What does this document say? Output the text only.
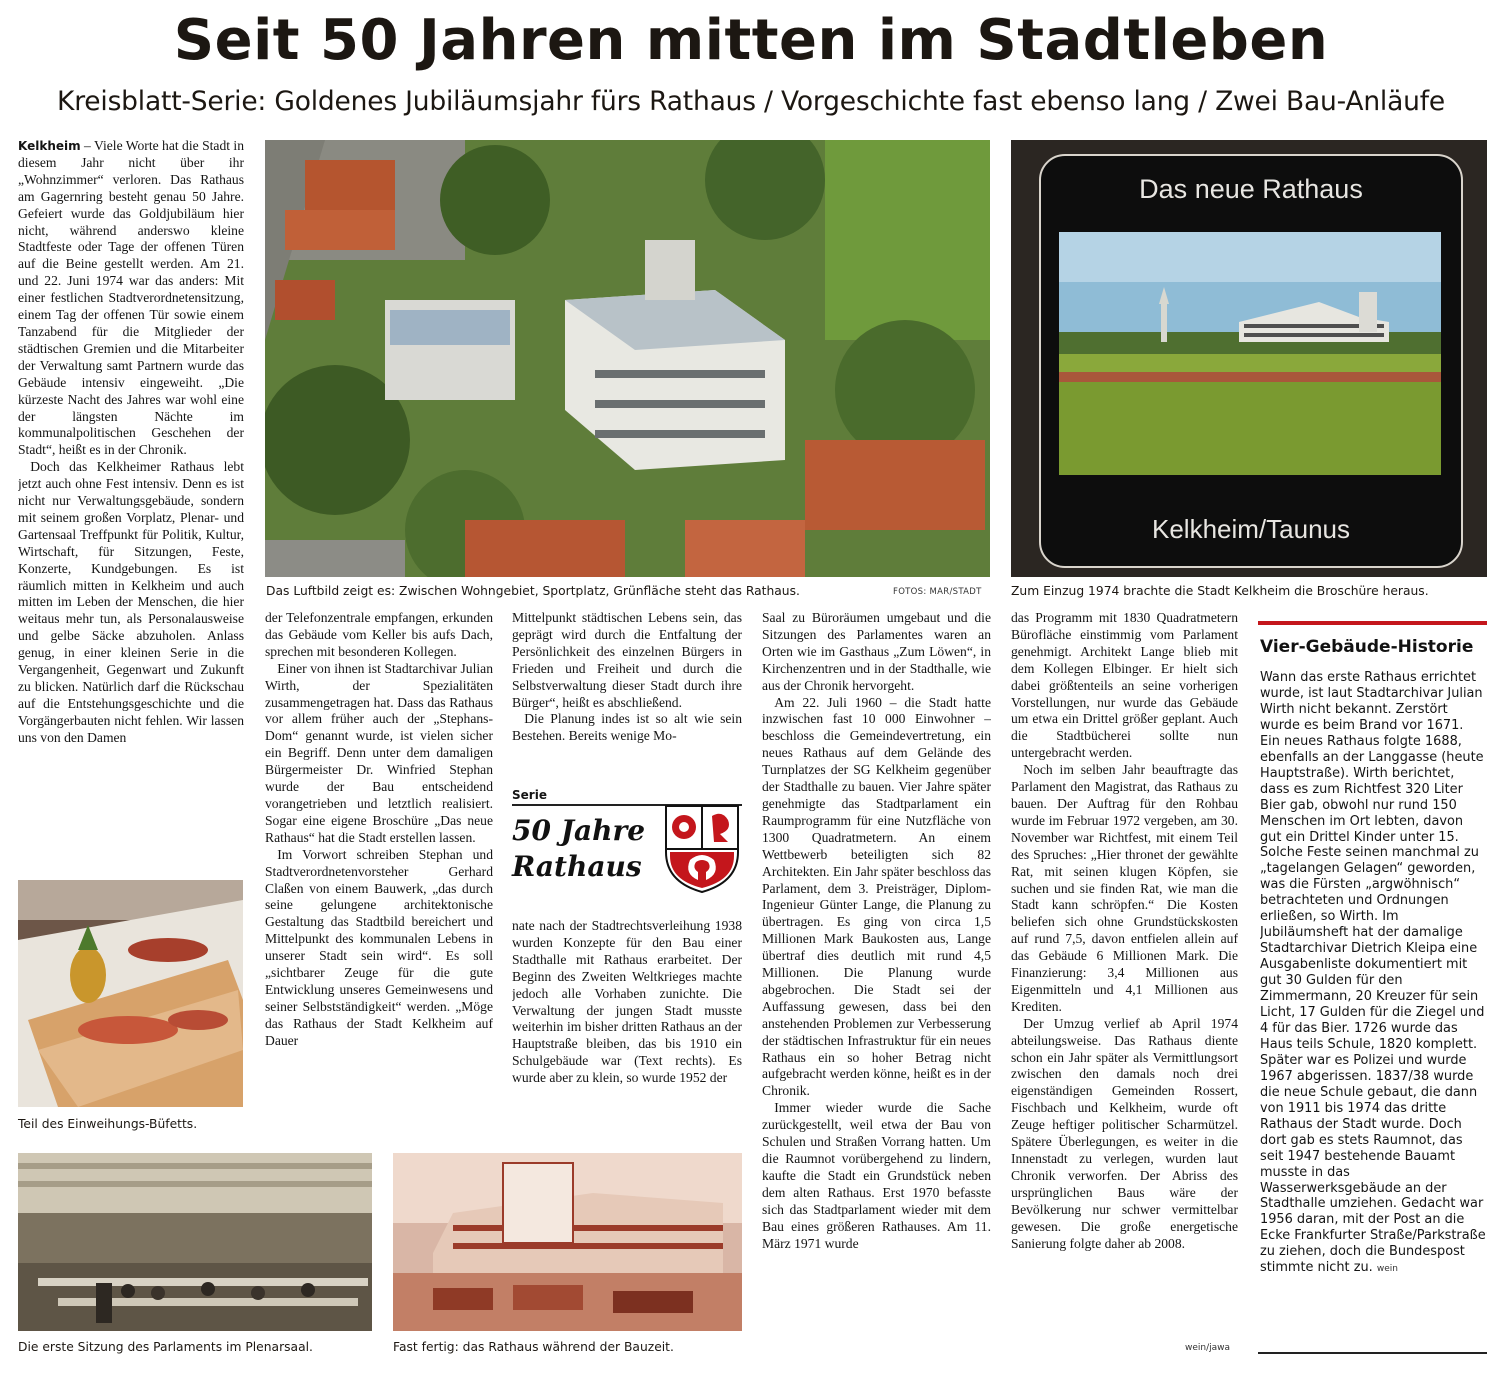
Seit 50 Jahren mitten im Stadtleben
Kreisblatt-Serie: Goldenes Jubiläumsjahr fürs Rathaus / Vorgeschichte fast ebenso lang / Zwei Bau-Anläufe

Kelkheim – Viele Worte hat die Stadt in diesem Jahr nicht über ihr „Wohnzimmer“ verloren. Das Rathaus am Gagernring besteht genau 50 Jahre. Gefeiert wurde das Goldjubiläum hier nicht, während anderswo kleine Stadtfeste oder Tage der offenen Türen auf die Beine gestellt werden. Am 21. und 22. Juni 1974 war das anders: Mit einer festlichen Stadtverordnetensitzung, einem Tag der offenen Tür sowie einem Tanzabend für die Mitglieder der städtischen Gremien und die Mitarbeiter der Verwaltung samt Partnern wurde das Gebäude intensiv eingeweiht. „Die kürzeste Nacht des Jahres war wohl eine der längsten Nächte im kommunalpolitischen Geschehen der Stadt“, heißt es in der Chronik.

Doch das Kelkheimer Rathaus lebt jetzt auch ohne Fest intensiv. Denn es ist nicht nur Verwaltungsgebäude, sondern mit seinem großen Vorplatz, Plenar- und Gartensaal Treffpunkt für Politik, Kultur, Wirtschaft, für Sitzungen, Feste, Konzerte, Kundgebungen. Es ist räumlich mitten in Kelkheim und auch mitten im Leben der Menschen, die hier weitaus mehr tun, als Personalausweise und gelbe Säcke abzuholen. Anlass genug, in einer kleinen Serie in die Vergangenheit, Gegenwart und Zukunft zu blicken. Natürlich darf die Rückschau auf die Entstehungsgeschichte und die Vorgängerbauten nicht fehlen. Wir lassen uns von den Damen

Das Luftbild zeigt es: Zwischen Wohngebiet, Sportplatz, Grünfläche steht das Rathaus.	FOTOS: MAR/STADT
Das neue Rathaus
Kelkheim/Taunus
Zum Einzug 1974 brachte die Stadt Kelkheim die Broschüre heraus.

der Telefonzentrale empfangen, erkunden das Gebäude vom Keller bis aufs Dach, sprechen mit besonderen Kollegen.

Einer von ihnen ist Stadtarchivar Julian Wirth, der Spezialitäten zusammengetragen hat. Dass das Rathaus vor allem früher auch der „Stephans-Dom“ genannt wurde, ist vielen sicher ein Begriff. Denn unter dem damaligen Bürgermeister Dr. Winfried Stephan wurde der Bau entscheidend vorangetrieben und letztlich realisiert. Sogar eine eigene Broschüre „Das neue Rathaus“ hat die Stadt erstellen lassen.

Im Vorwort schreiben Stephan und Stadtverordnetenvorsteher Gerhard Claßen von einem Bauwerk, „das durch seine gelungene architektonische Gestaltung das Stadtbild bereichert und Mittelpunkt des kommunalen Lebens in unserer Stadt sein wird“. Es soll „sichtbarer Zeuge für die gute Entwicklung unseres Gemeinwesens und seiner Selbstständigkeit“ werden. „Möge das Rathaus der Stadt Kelkheim auf Dauer

Mittelpunkt städtischen Lebens sein, das geprägt wird durch die Entfaltung der Persönlichkeit des einzelnen Bürgers in Frieden und Freiheit und durch die Selbstverwaltung dieser Stadt durch ihre Bürger“, heißt es abschließend.

Die Planung indes ist so alt wie sein Bestehen. Bereits wenige Mo-

Serie
50 Jahre
Rathaus

nate nach der Stadtrechtsverleihung 1938 wurden Konzepte für den Bau einer Stadthalle mit Rathaus erarbeitet. Der Beginn des Zweiten Weltkrieges machte jedoch alle Vorhaben zunichte. Die Verwaltung der jungen Stadt musste weiterhin im bisher dritten Rathaus an der Hauptstraße bleiben, das bis 1910 ein Schulgebäude war (Text rechts). Es wurde aber zu klein, so wurde 1952 der

Saal zu Büroräumen umgebaut und die Sitzungen des Parlamentes waren an Orten wie im Gasthaus „Zum Löwen“, in Kirchenzentren und in der Stadthalle, wie aus der Chronik hervorgeht.

Am 22. Juli 1960 – die Stadt hatte inzwischen fast 10 000 Einwohner – beschloss die Gemeindevertretung, ein neues Rathaus auf dem Gelände des Turnplatzes der SG Kelkheim gegenüber der Stadthalle zu bauen. Vier Jahre später genehmigte das Stadtparlament ein Raumprogramm für eine Nutzfläche von 1300 Quadratmetern. An einem Wettbewerb beteiligten sich 82 Architekten. Ein Jahr später beschloss das Parlament, dem 3. Preisträger, Diplom-Ingenieur Günter Lange, die Planung zu übertragen. Es ging von circa 1,5 Millionen Mark Baukosten aus, Lange übertraf dies deutlich mit rund 4,5 Millionen. Die Planung wurde abgebrochen. Die Stadt sei der Auffassung gewesen, dass bei den anstehenden Problemen zur Verbesserung der städtischen Infrastruktur für ein neues Rathaus ein so hoher Betrag nicht aufgebracht werden könne, heißt es in der Chronik.

Immer wieder wurde die Sache zurückgestellt, weil etwa der Bau von Schulen und Straßen Vorrang hatten. Um die Raumnot vorübergehend zu lindern, kaufte die Stadt ein Grundstück neben dem alten Rathaus. Erst 1970 befasste sich das Stadtparlament wieder mit dem Bau eines größeren Rathauses. Am 11. März 1971 wurde

das Programm mit 1830 Quadratmetern Bürofläche einstimmig vom Parlament genehmigt. Architekt Lange blieb mit dem Kollegen Elbinger. Er hielt sich dabei größtenteils an seine vorherigen Vorstellungen, nur wurde das Gebäude um etwa ein Drittel größer geplant. Auch die Stadtbücherei sollte nun untergebracht werden.

Noch im selben Jahr beauftragte das Parlament den Magistrat, das Rathaus zu bauen. Der Auftrag für den Rohbau wurde im Februar 1972 vergeben, am 30. November war Richtfest, mit einem Teil des Spruches: „Hier thronet der gewählte Rat, mit seinen klugen Köpfen, sie suchen und sie finden Rat, wie man die Stadt kann schröpfen.“ Die Kosten beliefen sich ohne Grundstückskosten auf rund 7,5, davon entfielen allein auf das Gebäude 6 Millionen Mark. Die Finanzierung: 3,4 Millionen aus Eigenmitteln und 4,1 Millionen aus Krediten.

Der Umzug verlief ab April 1974 abteilungsweise. Das Rathaus diente schon ein Jahr später als Vermittlungsort zwischen den damals noch drei eigenständigen Gemeinden Rossert, Fischbach und Kelkheim, wurde oft Zeuge heftiger politischer Scharmützel. Spätere Überlegungen, es weiter in die Innenstadt zu verlegen, wurden laut Chronik verworfen. Der Abriss des ursprünglichen Baus wäre der Bevölkerung nur schwer vermittelbar gewesen. Die große energetische Sanierung folgte daher ab 2008.

wein/jawa
Vier-Gebäude-Historie
Wann das erste Rathaus errichtet wurde, ist laut Stadtarchivar Julian Wirth nicht bekannt. Zerstört wurde es beim Brand vor 1671. Ein neues Rathaus folgte 1688, ebenfalls an der Langgasse (heute Hauptstraße). Wirth berichtet, dass es zum Richtfest 320 Liter Bier gab, obwohl nur rund 150 Menschen im Ort lebten, davon gut ein Drittel Kinder unter 15. Solche Feste seinen manchmal zu „tagelangen Gelagen“ geworden, was die Fürsten „argwöhnisch“ betrachteten und Ordnungen erließen, so Wirth. Im Jubiläumsheft hat der damalige Stadtarchivar Dietrich Kleipa eine Ausgabenliste dokumentiert mit gut 30 Gulden für den Zimmermann, 20 Kreuzer für sein Licht, 17 Gulden für die Ziegel und 4 für das Bier. 1726 wurde das Haus teils Schule, 1820 komplett. Später war es Polizei und wurde 1967 abgerissen. 1837/38 wurde die neue Schule gebaut, die dann von 1911 bis 1974 das dritte Rathaus der Stadt wurde. Doch dort gab es stets Raumnot, das seit 1947 bestehende Bauamt musste in das Wasserwerksgebäude an der Stadthalle umziehen. Gedacht war 1956 daran, mit der Post an die Ecke Frankfurter Straße/Parkstraße zu ziehen, doch die Bundespost stimmte nicht zu. wein
Teil des Einweihungs-Büfetts.
Die erste Sitzung des Parlaments im Plenarsaal.	Fast fertig: das Rathaus während der Bauzeit.
